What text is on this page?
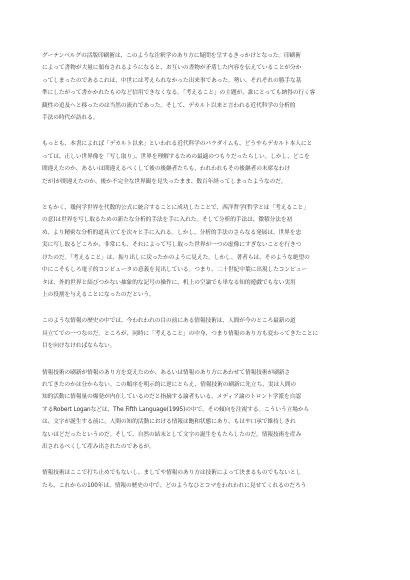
グーテンベルグの活版印刷術は、このような注釈学のあり方に疑問を呈するきっかけとなった。印刷術
によって書物が大量に頒布されるようになると、お互いの書物が矛盾した内容を伝えていることが分か
ってしまったのであるこれは、中世には考えられなかった出来事であった。勢い、それぞれの勝手な基
準にしたがって書かかれたものなど信用できなくなる。「考えること」の主題が、誰にとっても納得の行く客
観性の追及へと移ったのは当然の流れであった。そして、デカルト以来と言われる近代科学の分析的
手法の時代が訪れる。

もっとも、本書によれば「デカルト以来」といわれる近代科学のパラダイムも、どうやらデカルト本人にと
っては、正しい世界像を「写し取り」、世界を理解するための最適のつもりだったらしい。しかし、どこを
間違えたのか、あるいは間違えるべくして後の後継者たちも、われわれもその後継者の末席なわけ
だが)が間違えたのか、後か不完全な世界観を見失ったまま、数百年経ってしまったようなのだ。

ともかく、幾何学世界を代数的公式に統合することに成功したことで、西洋哲学(哲学とは「考えること」
の意)は世界を写し取るための新たな分析的手法を手に入れた。そして分析的手法は、微積分法を初
め、より精密な分析的道具立てを次々と手に入れる。しかし、分析的手法のさらなる発展は、世界を忠
実に写し取るどころか、非常にも、それによって写し取った世界が一つの虚像にすぎないことを行きつ
けたのだ。「考えること」は、振り出しに戻ったかのように見えた。しかし、著者らは、そのような絶望の
中にこそもしろ電子的コンピュータの意義を見出している。つまり、二十世紀中葉に出現したコンピュー
タは、外的世界と結びつかない抽象的な記号の操作に、机上の空論でも単なる知的遊戯でもない実用
上の役割を与えることになったのだという。

このような情報の歴史の中では、今われわれの目の前にある情報技術は、人間が今のところ最新の道
具立てでの一つなのだ。ところが、同時に「考えること」の中身、つまり情報のあり方も変わってきたことに
目を向けなければならない。

情報技術の刷新が情報のあり方を変えたのか、あるいは情報のあり方にあわせて情報技術が刷新さ
れてきたのかは分からない。この順序を明示的に逆にとらえ、情報技術の刷新に先立ち、実は人間の
知的活動に情報量の爆発が内在しているのだと指摘する論者もいる。メディア論のトロント学派を自認
するRobert Loganなどは、The Fifth Language(1995)の中で、その傾向を注視する。こういう立場から
は、文字が誕生する前に、人間の知的活動における情報は飽和状態にあり、もはや口承で維持しきれ
ないほどだったというのだ。そして、自然の結末として文字の誕生をもたらしたのだ。情報技術を産み
出されるべくして産み出されたのであるが。

情報技術はここで打ち止めでもないし、ましてや情報のあり方は技術によって決まるものでもないとし
たら、これからの100年は、情報の歴史の中で、どのようなひとコマをわれわれに見せてくれるのだろう
